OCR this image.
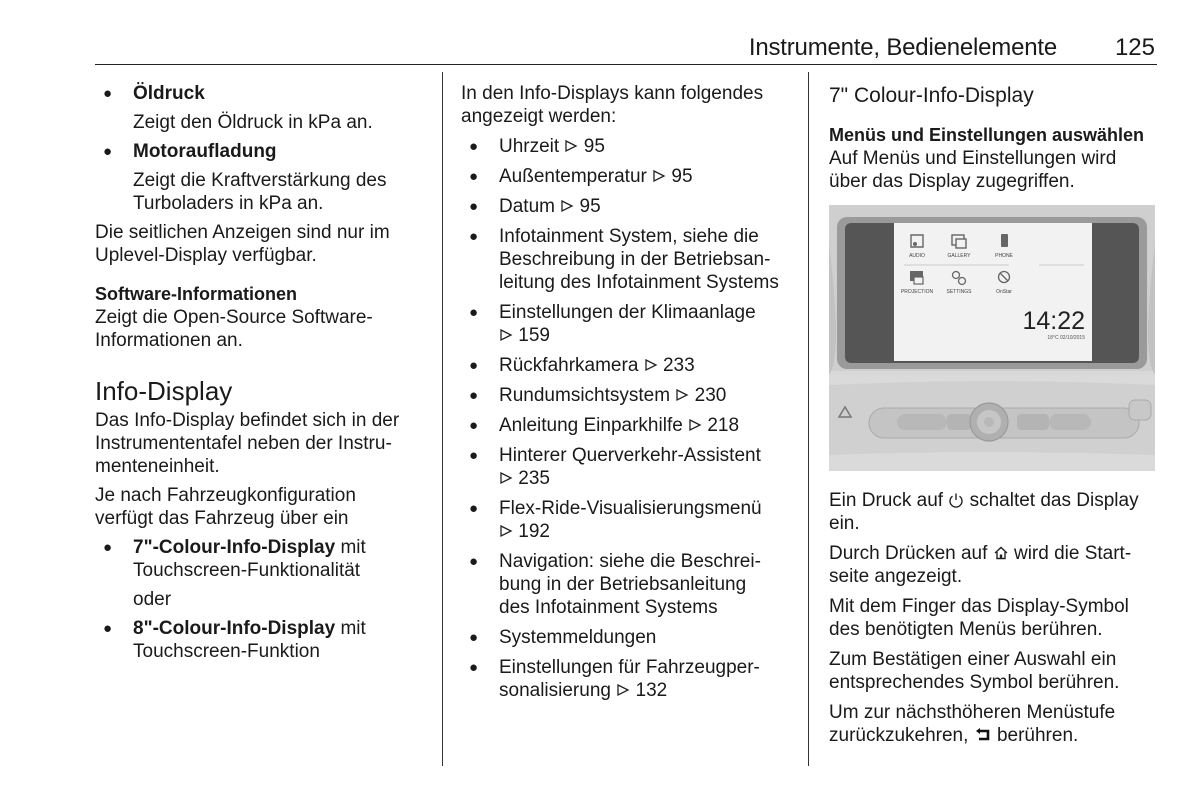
Instrumente, Bedienelemente 125

● Öldruck

Zeigt den Öldruck in kPa an.

● Motoraufladung

Zeigt die Kraftverstärkung des
Turboladers in kPa an.

Die seitlichen Anzeigen sind nur im
Uplevel-Display verfügbar.

Software-Informationen

Zeigt die Open-Source Software-
Informationen an.

Info-Display

Das Info-Display befindet sich in der
Instrumententafel neben der Instru-
menteneinheit.

Je nach Fahrzeugkonfiguration
verfügt das Fahrzeug über ein

● 7"-Colour-Info-Display mit
Touchscreen-Funktionalität

oder

● 8"-Colour-Info-Display mit
Touchscreen-Funktion

In den Info-Displays kann folgendes
angezeigt werden:

● Uhrzeit 95

● Außentemperatur 95

● Datum 95

● Infotainment System, siehe die
Beschreibung in der Betriebsan-
leitung des Infotainment Systems

● Einstellungen der Klimaanlage
159

● Rückfahrkamera 233

● Rundumsichtsystem 230

● Anleitung Einparkhilfe 218

● Hinterer Querverkehr-Assistent
235

● Flex-Ride-Visualisierungsmenü
192

● Navigation: siehe die Beschrei-
bung in der Betriebsanleitung
des Infotainment Systems

● Systemmeldungen

● Einstellungen für Fahrzeugper-
sonalisierung 132

7" Colour-Info-Display

Menüs und Einstellungen auswählen

Auf Menüs und Einstellungen wird
über das Display zugegriffen.

AUDIO	GALLERY	PHONE
PROJECTION	SETTINGS	OnStar
14:22
18°C 02/10/2015

Ein Druck auf  schaltet das Display
ein.

Durch Drücken auf  wird die Start-
seite angezeigt.

Mit dem Finger das Display-Symbol
des benötigten Menüs berühren.

Zum Bestätigen einer Auswahl ein
entsprechendes Symbol berühren.

Um zur nächsthöheren Menüstufe
zurückzukehren,  berühren.
